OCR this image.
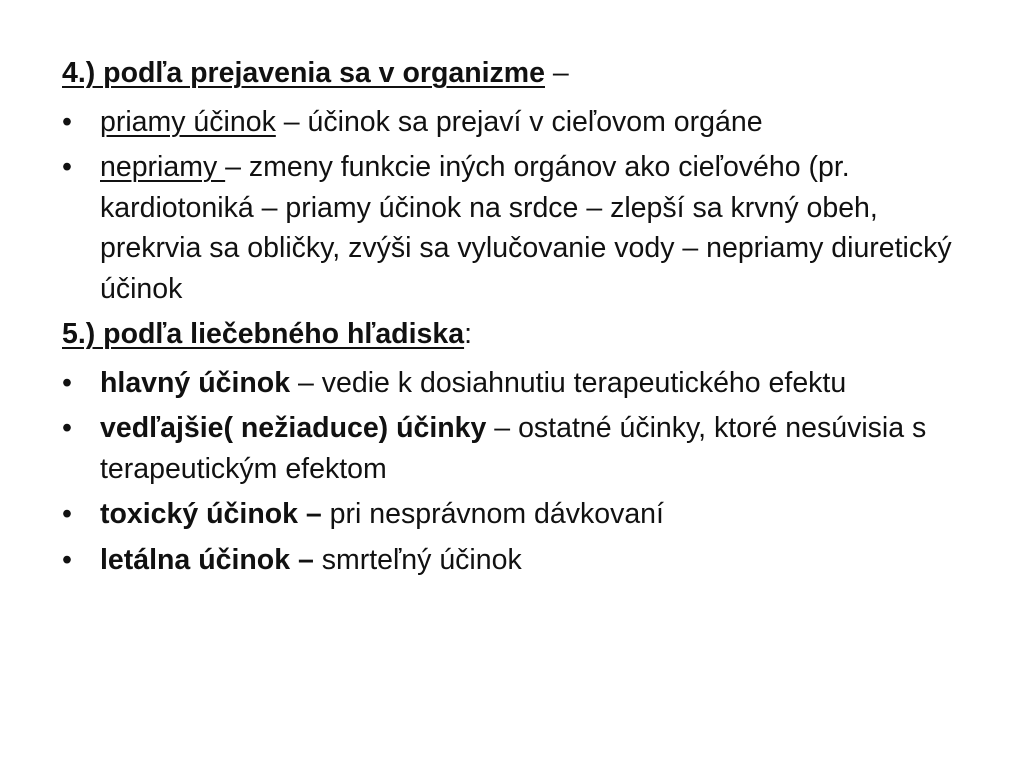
4.) podľa prejavenia sa v organizme –
• priamy účinok – účinok sa prejaví v cieľovom orgáne
• nepriamy – zmeny funkcie iných orgánov ako cieľového (pr. kardiotoniká – priamy účinok na srdce – zlepší sa krvný obeh, prekrvia sa obličky, zvýši sa vylučovanie vody – nepriamy diuretický účinok
5.) podľa liečebného hľadiska:
• hlavný účinok – vedie k dosiahnutiu terapeutického efektu
• vedľajšie( nežiaduce) účinky – ostatné účinky, ktoré nesúvisia s terapeutickým efektom
• toxický účinok – pri nesprávnom dávkovaní
• letálna účinok – smrteľný účinok
